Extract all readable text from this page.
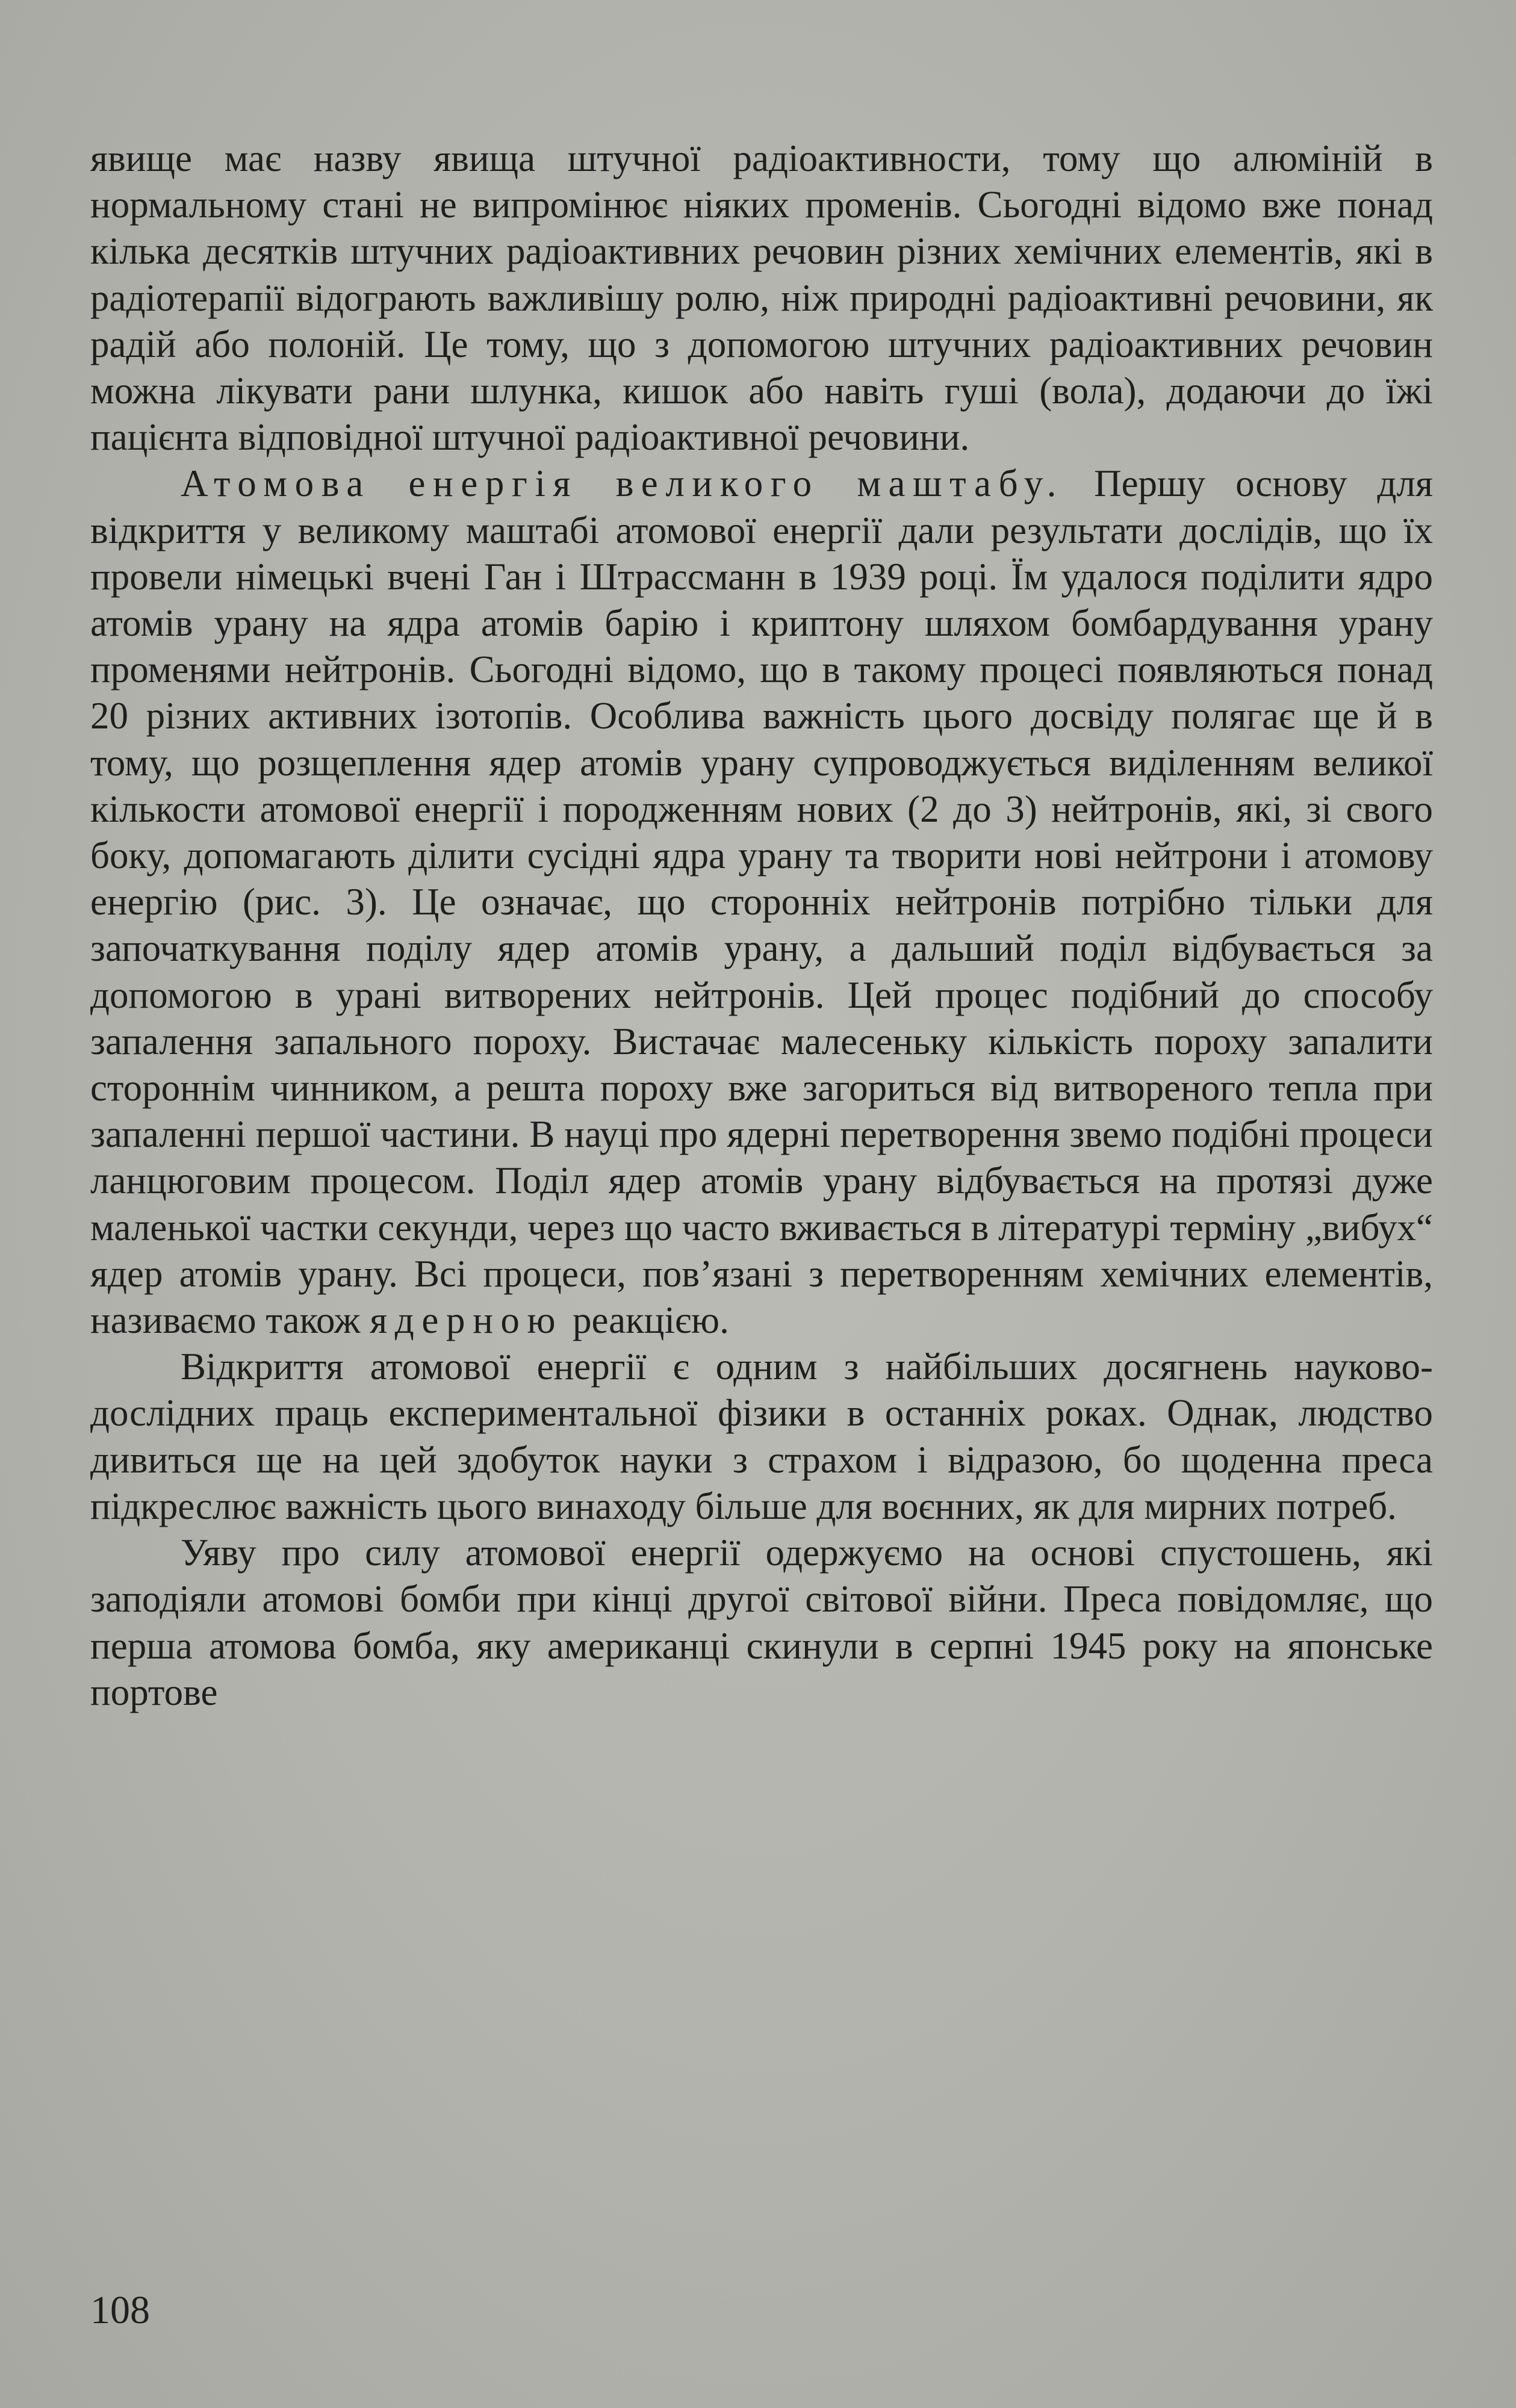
явище має назву явища штучної радіоактивности, тому що алюміній в нормальному стані не випромінює ніяких променів. Сьогодні відомо вже понад кілька десятків штучних радіоактивних речовин різних хемічних елементів, які в радіотерапії відограють важливішу ролю, ніж природні радіоактивні речовини, як радій або полоній. Це тому, що з допомогою штучних радіоактивних речовин можна лікувати рани шлунка, кишок або навіть гуші (вола), додаючи до їжі пацієнта відповідної штучної радіоактивної речовини.

Атомова енергія великого маштабу. Першу основу для відкриття у великому маштабі атомової енергії дали результати дослідів, що їх провели німецькі вчені Ган і Штрассманн в 1939 році. Їм удалося поділити ядро атомів урану на ядра атомів барію і криптону шляхом бомбардування урану променями нейтронів. Сьогодні відомо, що в такому процесі появляються понад 20 різних активних ізотопів. Особлива важність цього досвіду полягає ще й в тому, що розщеплення ядер атомів урану супроводжується виділенням великої кількости атомової енергії і породженням нових (2 до 3) нейтронів, які, зі свого боку, допомагають ділити сусідні ядра урану та творити нові нейтрони і атомову енергію (рис. 3). Це означає, що сторонніх нейтронів потрібно тільки для започаткування поділу ядер атомів урану, а дальший поділ відбувається за допомогою в урані витворених нейтронів. Цей процес подібний до способу запалення запального пороху. Вистачає малесеньку кількість пороху запалити стороннім чинником, а решта пороху вже загориться від витвореного тепла при запаленні першої частини. В науці про ядерні перетворення звемо подібні процеси ланцюговим процесом. Поділ ядер атомів урану відбувається на протязі дуже маленької частки секунди, через що часто вживається в літературі терміну „вибух“ ядер атомів урану. Всі процеси, пов’язані з перетворенням хемічних елементів, називаємо також ядерною реакцією.

Відкриття атомової енергії є одним з найбільших досягнень науково-дослідних праць експериментальної фізики в останніх роках. Однак, людство дивиться ще на цей здобуток науки з страхом і відразою, бо щоденна преса підкреслює важність цього винаходу більше для воєнних, як для мирних потреб.

Уяву про силу атомової енергії одержуємо на основі спустошень, які заподіяли атомові бомби при кінці другої світової війни. Преса повідомляє, що перша атомова бомба, яку американці скинули в серпні 1945 року на японське портове

108
